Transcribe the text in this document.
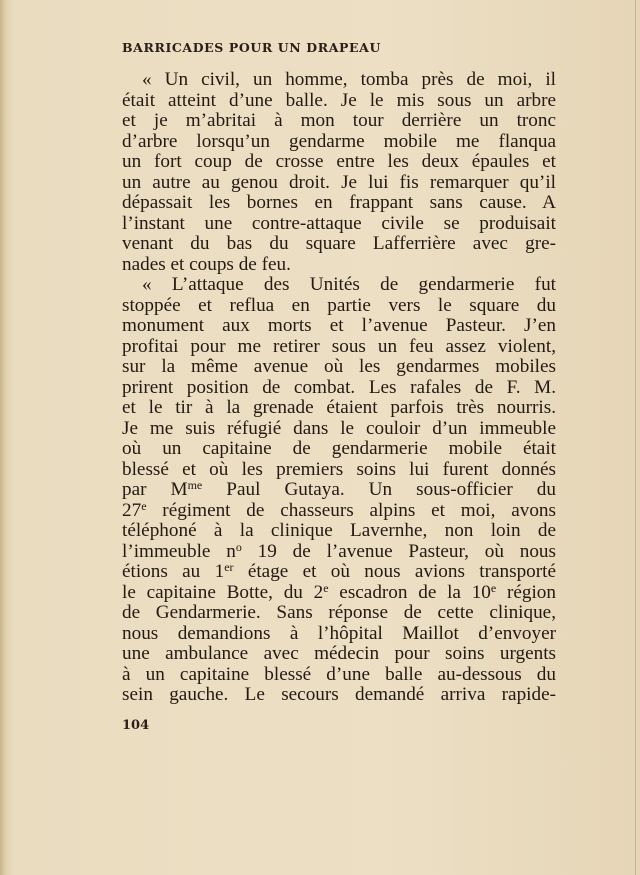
BARRICADES POUR UN DRAPEAU
« Un civil, un homme, tomba près de moi, il
était atteint d’une balle. Je le mis sous un arbre
et je m’abritai à mon tour derrière un tronc
d’arbre lorsqu’un gendarme mobile me flanqua
un fort coup de crosse entre les deux épaules et
un autre au genou droit. Je lui fis remarquer qu’il
dépassait les bornes en frappant sans cause. A
l’instant une contre-attaque civile se produisait
venant du bas du square Lafferrière avec gre-
nades et coups de feu.
« L’attaque des Unités de gendarmerie fut
stoppée et reflua en partie vers le square du
monument aux morts et l’avenue Pasteur. J’en
profitai pour me retirer sous un feu assez violent,
sur la même avenue où les gendarmes mobiles
prirent position de combat. Les rafales de F. M.
et le tir à la grenade étaient parfois très nourris.
Je me suis réfugié dans le couloir d’un immeuble
où un capitaine de gendarmerie mobile était
blessé et où les premiers soins lui furent donnés
par $M^{me}$ Paul Gutaya. Un sous-officier du
27e régiment de chasseurs alpins et moi, avons
téléphoné à la clinique Lavernhe, non loin de
l’immeuble $n^o$ 19 de l’avenue Pasteur, où nous
étions au 1er étage et où nous avions transporté
le capitaine Botte, du 2e escadron de la 10e région
de Gendarmerie. Sans réponse de cette clinique,
nous demandions à l’hôpital Maillot d’envoyer
une ambulance avec médecin pour soins urgents
à un capitaine blessé d’une balle au-dessous du
sein gauche. Le secours demandé arriva rapide-
104
